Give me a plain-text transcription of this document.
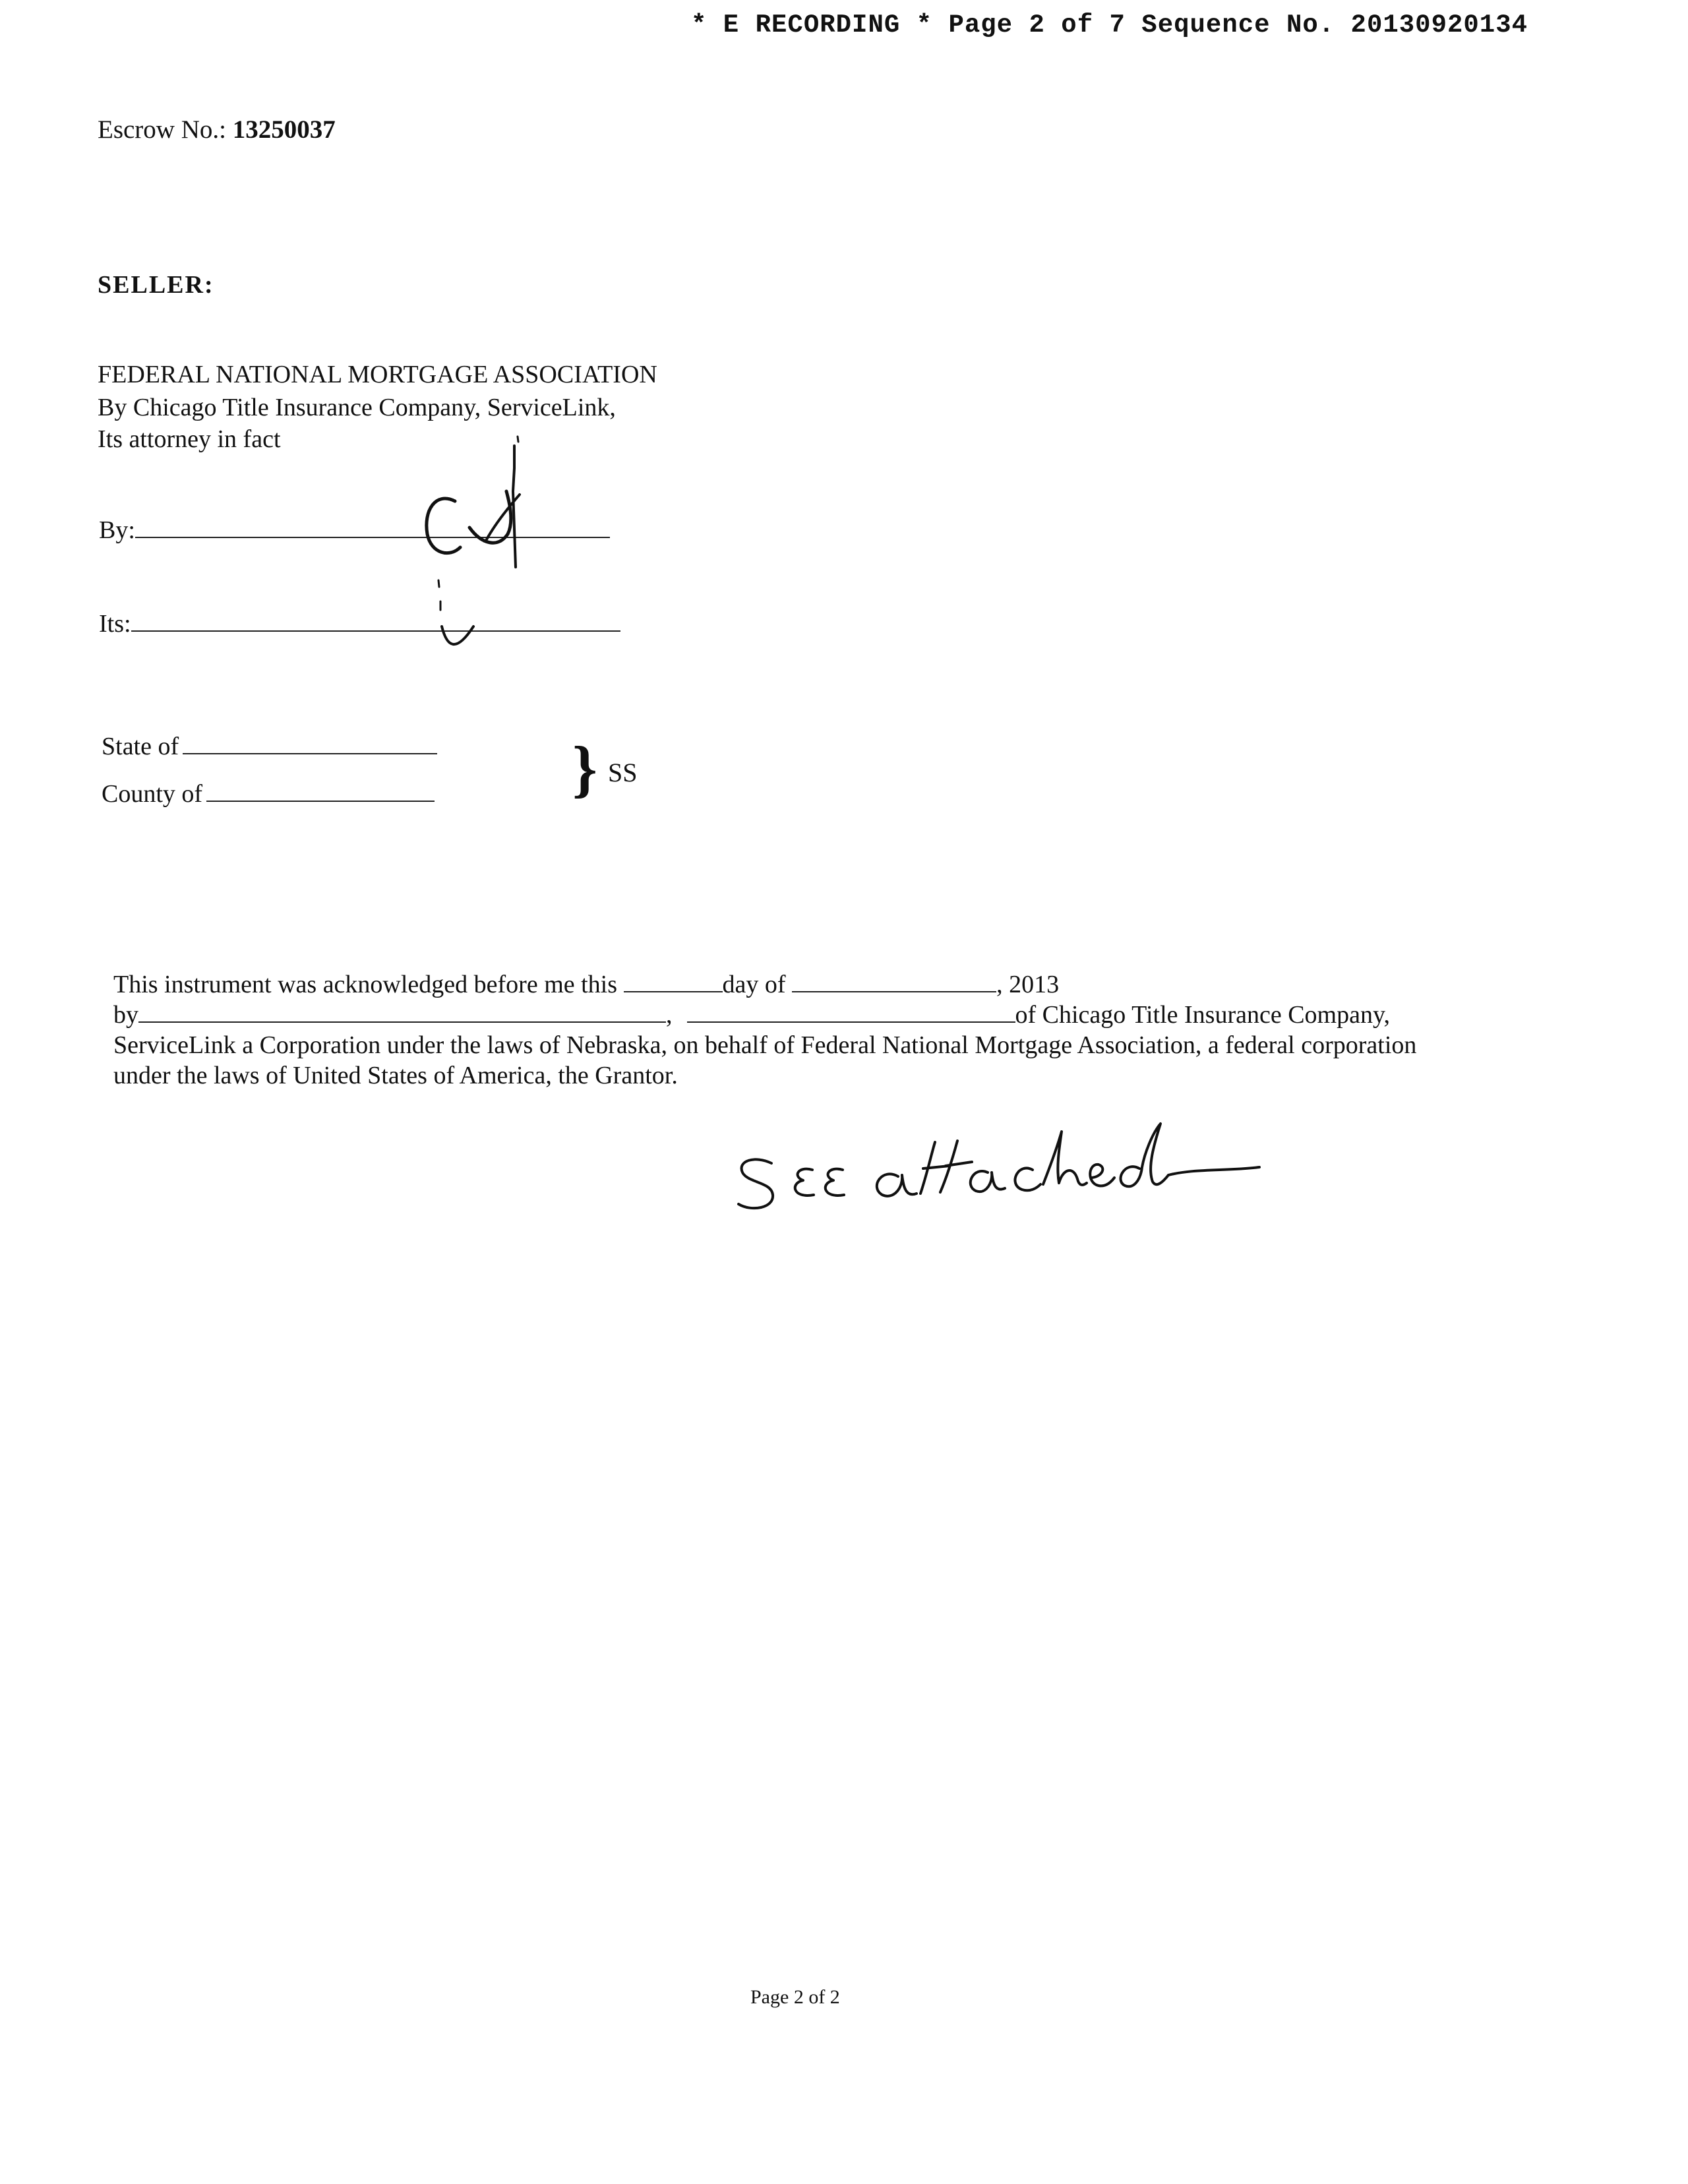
* E RECORDING * Page 2 of 7 Sequence No. 20130920134
Escrow No.: 13250037
SELLER:
FEDERAL NATIONAL MORTGAGE ASSOCIATION
By Chicago Title Insurance Company, ServiceLink,
Its attorney in fact
By:
Its:
State of
County of	} SS

This instrument was acknowledged before me this	day of	, 2013

by	,	of Chicago Title Insurance Company,

ServiceLink a Corporation under the laws of Nebraska, on behalf of Federal National Mortgage Association, a federal corporation

under the laws of United States of America, the Grantor.

Page 2 of 2
